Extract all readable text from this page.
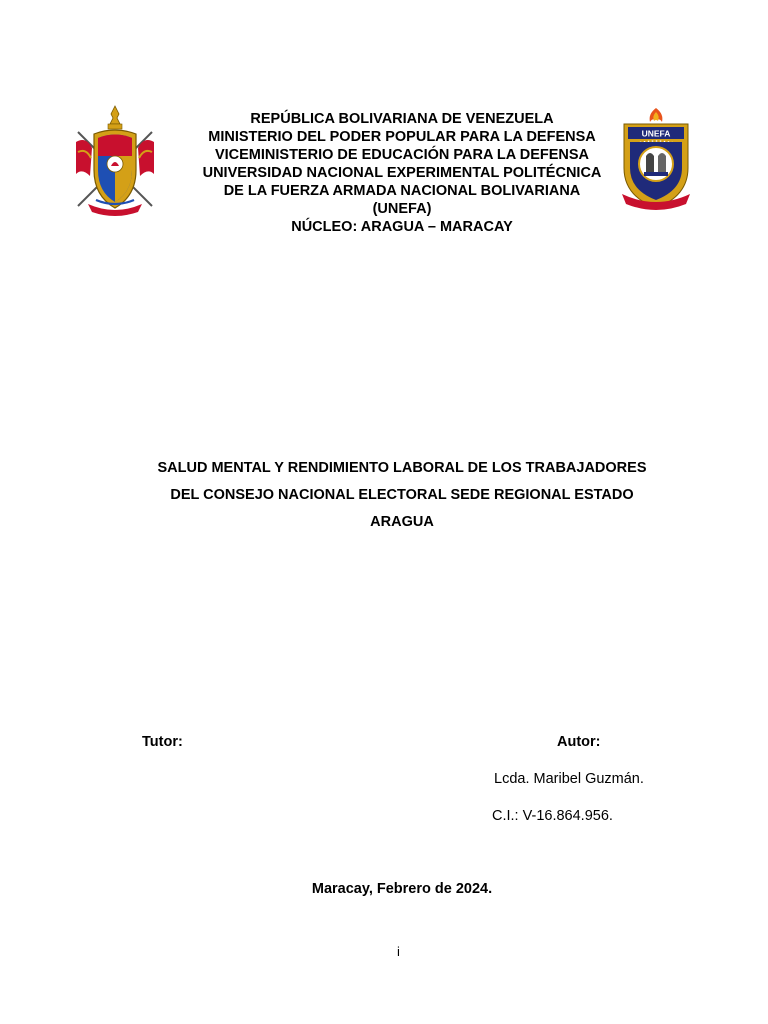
REPÚBLICA BOLIVARIANA DE VENEZUELA
MINISTERIO DEL PODER POPULAR PARA LA DEFENSA
VICEMINISTERIO DE EDUCACIÓN PARA LA DEFENSA
UNIVERSIDAD NACIONAL EXPERIMENTAL POLITÉCNICA
DE LA FUERZA ARMADA NACIONAL BOLIVARIANA
(UNEFA)
NÚCLEO: ARAGUA – MARACAY
UNEFA
SALUD MENTAL Y RENDIMIENTO LABORAL DE LOS TRABAJADORES
DEL CONSEJO NACIONAL ELECTORAL SEDE REGIONAL ESTADO
ARAGUA
Tutor:	Autor:
Lcda. Maribel Guzmán.
C.I.: V-16.864.956.
Maracay, Febrero de 2024.
i
